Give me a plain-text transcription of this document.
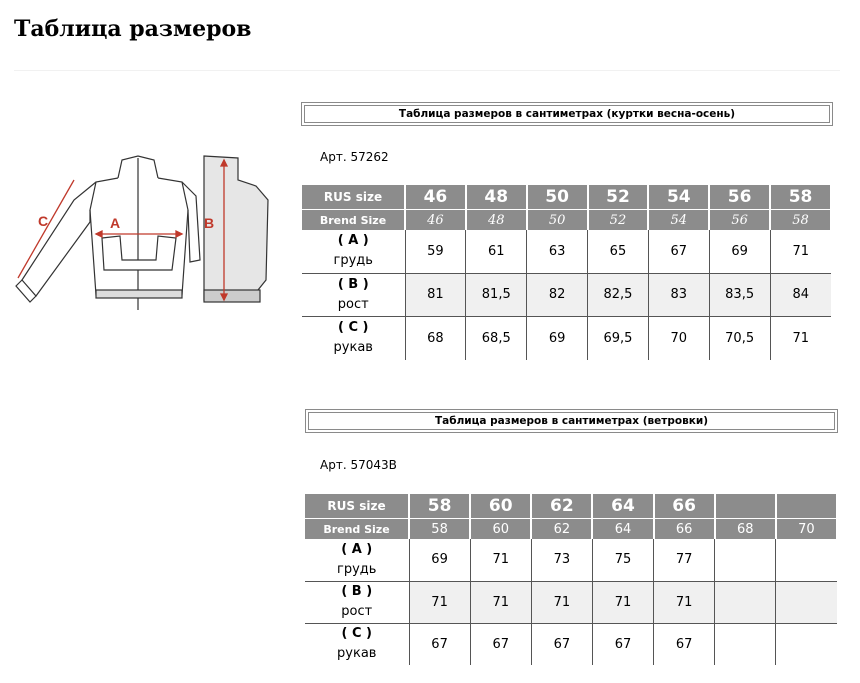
Таблица размеров
A	B
C
Таблица размеров в сантиметрах (куртки весна-осень)
Арт. 57262
RUS size	46	48	50	52	54	56	58
Brend Size	46	48	50	52	54	56	58

( A )
грудь	59	61	63	65	67	69	71

( B )
рост	81	81,5	82	82,5	83	83,5	84

( C )
рукав	68	68,5	69	69,5	70	70,5	71
Таблица размеров в сантиметрах (ветровки)
Арт. 57043B
RUS size	58	60	62	64	66		
Brend Size	58	60	62	64	66	68	70

( A )
грудь	69	71	73	75	77		

( B )
рост	71	71	71	71	71		

( C )
рукав	67	67	67	67	67		
